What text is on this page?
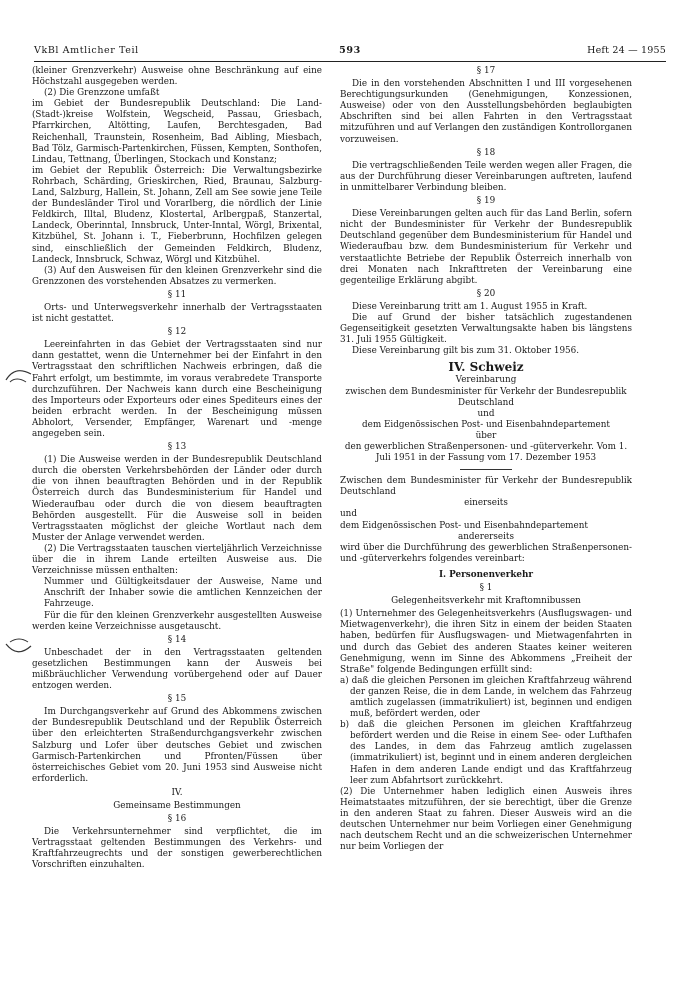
VkBl Amtlicher Teil	593	Heft 24 — 1955

(kleiner Grenzverkehr) Ausweise ohne Beschränkung auf eine Höchstzahl ausgegeben werden.

(2) Die Grenzzone umfaßt

im Gebiet der Bundesrepublik Deutschland: Die Land-(Stadt-)kreise Wolfstein, Wegscheid, Passau, Griesbach, Pfarrkirchen, Altötting, Laufen, Berchtesgaden, Bad Reichenhall, Traunstein, Rosenheim, Bad Aibling, Miesbach, Bad Tölz, Garmisch-Partenkirchen, Füssen, Kempten, Sonthofen, Lindau, Tettnang, Überlingen, Stockach und Konstanz;

im Gebiet der Republik Österreich: Die Verwaltungsbezirke Rohrbach, Schärding, Grieskirchen, Ried, Braunau, Salzburg-Land, Salzburg, Hallein, St. Johann, Zell am See sowie jene Teile der Bundesländer Tirol und Vorarlberg, die nördlich der Linie Feldkirch, Illtal, Bludenz, Klostertal, Arlbergpaß, Stanzertal, Landeck, Oberinntal, Innsbruck, Unter-Inntal, Wörgl, Brixental, Kitzbühel, St. Johann i. T., Fieberbrunn, Hochfilzen gelegen sind, einschließlich der Gemeinden Feldkirch, Bludenz, Landeck, Innsbruck, Schwaz, Wörgl und Kitzbühel.

(3) Auf den Ausweisen für den kleinen Grenzverkehr sind die Grenzzonen des vorstehenden Absatzes zu vermerken.

§ 11

Orts- und Unterwegsverkehr innerhalb der Vertragsstaaten ist nicht gestattet.

§ 12

Leereinfahrten in das Gebiet der Vertragsstaaten sind nur dann gestattet, wenn die Unternehmer bei der Einfahrt in den Vertragsstaat den schriftlichen Nachweis erbringen, daß die Fahrt erfolgt, um bestimmte, im voraus verabredete Transporte durchzuführen. Der Nachweis kann durch eine Bescheinigung des Importeurs oder Exporteurs oder eines Spediteurs eines der beiden erbracht werden. In der Bescheinigung müssen Abholort, Versender, Empfänger, Warenart und -menge angegeben sein.

§ 13

(1) Die Ausweise werden in der Bundesrepublik Deutschland durch die obersten Verkehrsbehörden der Länder oder durch die von ihnen beauftragten Behörden und in der Republik Österreich durch das Bundesministerium für Handel und Wiederaufbau oder durch die von diesem beauftragten Behörden ausgestellt. Für die Ausweise soll in beiden Vertragsstaaten möglichst der gleiche Wortlaut nach dem Muster der Anlage verwendet werden.

(2) Die Vertragsstaaten tauschen vierteljährlich Verzeichnisse über die in ihrem Lande erteilten Ausweise aus. Die Verzeichnisse müssen enthalten:

Nummer und Gültigkeitsdauer der Ausweise, Name und Anschrift der Inhaber sowie die amtlichen Kennzeichen der Fahrzeuge.

Für die für den kleinen Grenzverkehr ausgestellten Ausweise werden keine Verzeichnisse ausgetauscht.

§ 14

Unbeschadet der in den Vertragsstaaten geltenden gesetzlichen Bestimmungen kann der Ausweis bei mißbräuchlicher Verwendung vorübergehend oder auf Dauer entzogen werden.

§ 15

Im Durchgangsverkehr auf Grund des Abkommens zwischen der Bundesrepublik Deutschland und der Republik Österreich über den erleichterten Straßendurchgangsverkehr zwischen Salzburg und Lofer über deutsches Gebiet und zwischen Garmisch-Partenkirchen und Pfronten/Füssen über österreichisches Gebiet vom 20. Juni 1953 sind Ausweise nicht erforderlich.

IV.

Gemeinsame Bestimmungen

§ 16

Die Verkehrsunternehmer sind verpflichtet, die im Vertragsstaat geltenden Bestimmungen des Verkehrs- und Kraftfahrzeugrechts und der sonstigen gewerberechtlichen Vorschriften einzuhalten.

§ 17

Die in den vorstehenden Abschnitten I und III vorgesehenen Berechtigungsurkunden (Genehmigungen, Konzessionen, Ausweise) oder von den Ausstellungsbehörden beglaubigten Abschriften sind bei allen Fahrten in den Vertragsstaat mitzuführen und auf Verlangen den zuständigen Kontrollorganen vorzuweisen.

§ 18

Die vertragschließenden Teile werden wegen aller Fragen, die aus der Durchführung dieser Vereinbarungen auftreten, laufend in unmittelbarer Verbindung bleiben.

§ 19

Diese Vereinbarungen gelten auch für das Land Berlin, sofern nicht der Bundesminister für Verkehr der Bundesrepublik Deutschland gegenüber dem Bundesministerium für Handel und Wiederaufbau bzw. dem Bundesministerium für Verkehr und verstaatlichte Betriebe der Republik Österreich innerhalb von drei Monaten nach Inkrafttreten der Vereinbarung eine gegenteilige Erklärung abgibt.

§ 20

Diese Vereinbarung tritt am 1. August 1955 in Kraft.

Die auf Grund der bisher tatsächlich zugestandenen Gegenseitigkeit gesetzten Verwaltungsakte haben bis längstens 31. Juli 1955 Gültigkeit.

Diese Vereinbarung gilt bis zum 31. Oktober 1956.

IV. Schweiz

Vereinbarung

zwischen dem Bundesminister für Verkehr der Bundesrepublik Deutschland

und

dem Eidgenössischen Post- und Eisenbahndepartement

über

den gewerblichen Straßenpersonen- und -güterverkehr. Vom 1. Juli 1951 in der Fassung vom 17. Dezember 1953

Zwischen dem Bundesminister für Verkehr der Bundesrepublik Deutschland

einerseits

und

dem Eidgenössischen Post- und Eisenbahndepartement

andererseits

wird über die Durchführung des gewerblichen Straßenpersonen- und -güterverkehrs folgendes vereinbart:

I. Personenverkehr

§ 1

Gelegenheitsverkehr mit Kraftomnibussen

(1) Unternehmer des Gelegenheitsverkehrs (Ausflugswagen- und Mietwagenverkehr), die ihren Sitz in einem der beiden Staaten haben, bedürfen für Ausflugswagen- und Mietwagenfahrten in und durch das Gebiet des anderen Staates keiner weiteren Genehmigung, wenn im Sinne des Abkommens „Freiheit der Straße" folgende Bedingungen erfüllt sind:

a) daß die gleichen Personen im gleichen Kraftfahrzeug während der ganzen Reise, die in dem Lande, in welchem das Fahrzeug amtlich zugelassen (immatrikuliert) ist, beginnen und endigen muß, befördert werden, oder

b) daß die gleichen Personen im gleichen Kraftfahrzeug befördert werden und die Reise in einem See- oder Lufthafen des Landes, in dem das Fahrzeug amtlich zugelassen (immatrikuliert) ist, beginnt und in einem anderen dergleichen Hafen in dem anderen Lande endigt und das Kraftfahrzeug leer zum Abfahrtsort zurückkehrt.

(2) Die Unternehmer haben lediglich einen Ausweis ihres Heimatstaates mitzuführen, der sie berechtigt, über die Grenze in den anderen Staat zu fahren. Dieser Ausweis wird an die deutschen Unternehmer nur beim Vorliegen einer Genehmigung nach deutschem Recht und an die schweizerischen Unternehmer nur beim Vorliegen der
